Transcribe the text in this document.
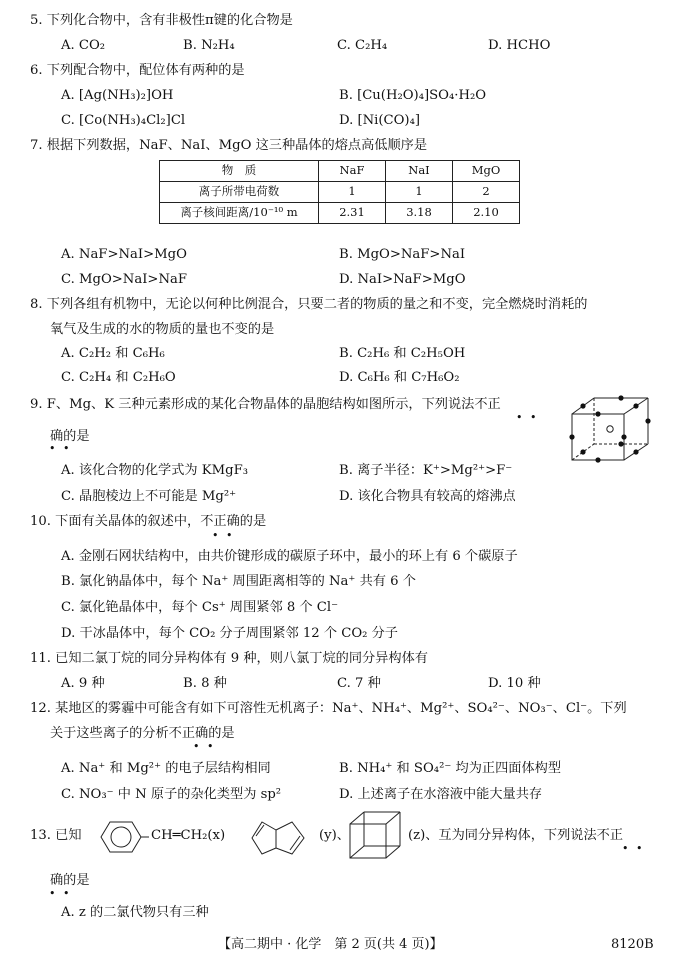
5. 下列化合物中，含有非极性π键的化合物是
A. CO₂	B. N₂H₄	C. C₂H₄	D. HCHO
6. 下列配合物中，配位体有两种的是
A. [Ag(NH₃)₂]OH	B. [Cu(H₂O)₄]SO₄·H₂O
C. [Co(NH₃)₄Cl₂]Cl	D. [Ni(CO)₄]
7. 根据下列数据，NaF、NaI、MgO 这三种晶体的熔点高低顺序是
物　质	NaF	NaI	MgO
离子所带电荷数	1	1	2
离子核间距离/10⁻¹⁰ m	2.31	3.18	2.10
A. NaF>NaI>MgO	B. MgO>NaF>NaI
C. MgO>NaI>NaF	D. NaI>NaF>MgO
8. 下列各组有机物中，无论以何种比例混合，只要二者的物质的量之和不变，完全燃烧时消耗的
氧气及生成的水的物质的量也不变的是
A. C₂H₂ 和 C₆H₆	B. C₂H₆ 和 C₂H₅OH
C. C₂H₄ 和 C₂H₆O	D. C₆H₆ 和 C₇H₆O₂
9. F、Mg、K 三种元素形成的某化合物晶体的晶胞结构如图所示，下列说法不正
• •
确的是
• •
A. 该化合物的化学式为 KMgF₃	B. 离子半径：K⁺>Mg²⁺>F⁻
C. 晶胞棱边上不可能是 Mg²⁺	D. 该化合物具有较高的熔沸点
10. 下面有关晶体的叙述中，不正确的是
• •
A. 金刚石网状结构中，由共价键形成的碳原子环中，最小的环上有 6 个碳原子
B. 氯化钠晶体中，每个 Na⁺ 周围距离相等的 Na⁺ 共有 6 个
C. 氯化铯晶体中，每个 Cs⁺ 周围紧邻 8 个 Cl⁻
D. 干冰晶体中，每个 CO₂ 分子周围紧邻 12 个 CO₂ 分子
11. 已知二氯丁烷的同分异构体有 9 种，则八氯丁烷的同分异构体有
A. 9 种	B. 8 种	C. 7 种	D. 10 种
12. 某地区的雾霾中可能含有如下可溶性无机离子：Na⁺、NH₄⁺、Mg²⁺、SO₄²⁻、NO₃⁻、Cl⁻。下列
关于这些离子的分析不正确的是
• •
A. Na⁺ 和 Mg²⁺ 的电子层结构相同	B. NH₄⁺ 和 SO₄²⁻ 均为正四面体构型
C. NO₃⁻ 中 N 原子的杂化类型为 sp²	D. 上述离子在水溶液中能大量共存
13. 已知	CH═CH₂(x)	(y)、	(z)、互为同分异构体，下列说法不正
• •
确的是
• •
A. z 的二氯代物只有三种
【高二期中 · 化学　第 2 页(共 4 页)】	8120B
